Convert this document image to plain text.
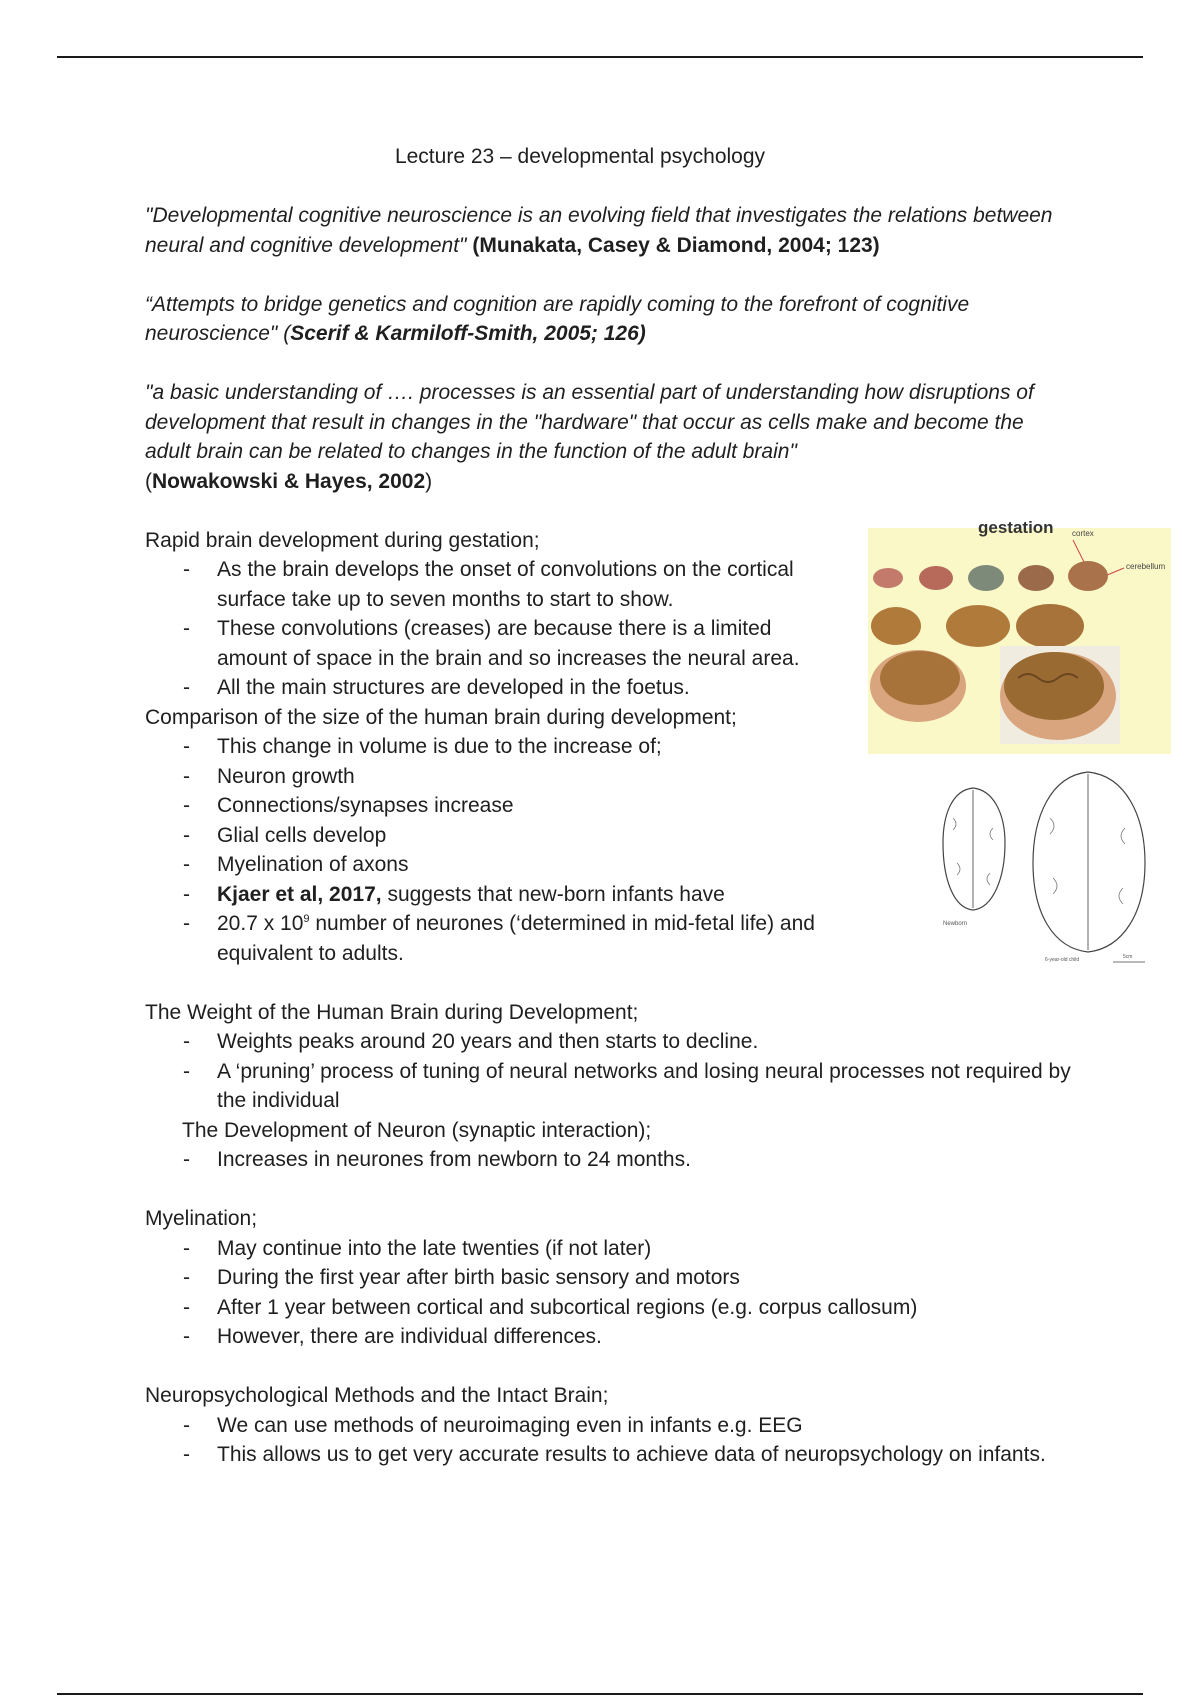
Lecture 23 – developmental psychology

"Developmental cognitive neuroscience is an evolving field that investigates the relations between neural and cognitive development" (Munakata, Casey & Diamond, 2004; 123)

“Attempts to bridge genetics and cognition are rapidly coming to the forefront of cognitive neuroscience" (Scerif & Karmiloff-Smith, 2005; 126)

"a basic understanding of …. processes is an essential part of understanding how disruptions of development that result in changes in the "hardware" that occur as cells make and become the adult brain can be related to changes in the function of the adult brain"
(Nowakowski & Hayes, 2002)

Rapid brain development during gestation;
- As the brain develops the onset of convolutions on the cortical surface take up to seven months to start to show.
- These convolutions (creases) are because there is a limited amount of space in the brain and so increases the neural area.
- All the main structures are developed in the foetus.
Comparison of the size of the human brain during development;
- This change in volume is due to the increase of;
- Neuron growth
- Connections/synapses increase
- Glial cells develop
- Myelination of axons
- Kjaer et al, 2017, suggests that new-born infants have
- 20.7 x $10^9$ number of neurones (‘determined in mid-fetal life) and equivalent to adults.
The Weight of the Human Brain during Development;
- Weights peaks around 20 years and then starts to decline.
- A ‘pruning’ process of tuning of neural networks and losing neural processes not required by the individual
The Development of Neuron (synaptic interaction);
- Increases in neurones from newborn to 24 months.
Myelination;
- May continue into the late twenties (if not later)
- During the first year after birth basic sensory and motors
- After 1 year between cortical and subcortical regions (e.g. corpus callosum)
- However, there are individual differences.
Neuropsychological Methods and the Intact Brain;
- We can use methods of neuroimaging even in infants e.g. EEG
- This allows us to get very accurate results to achieve data of neuropsychology on infants.
gestation cortex
cerebellum
Newborn
6-year-old child	5cm
